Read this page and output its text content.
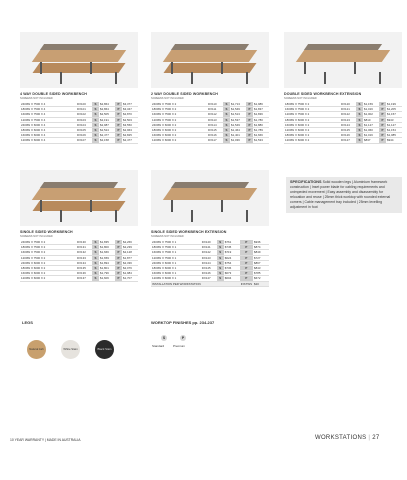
4 WAY DOUBLE SIDED WORKBENCH
SCREENS NOT INCLUDED
2400W X 7500 X 4	DX100	S	$2,864	P	$3,377
1800W X 7500 X 4	DX101	S	$2,864	P	$3,347
1600W X 7500 X 4	DX102	S	$2,505	P	$2,870
1200W X 7500 X 4	DX103	S	$2,191	P	$2,503
2400W X 6000 X 4	DX104	S	$2,987	P	$3,550
1800W X 6000 X 4	DX105	S	$2,524	P	$2,963
1600W X 6000 X 4	DX106	S	$2,477	P	$2,825
1200W X 6000 X 4	DX107	S	$2,158	P	$2,477
2 WAY DOUBLE SIDED WORKBENCH
SCREENS NOT INCLUDED
2400W X 7500 X 2	DX110	S	$1,713	P	$1,986
1800W X 7500 X 2	DX111	S	$1,549	P	$1,837
1600W X 7500 X 2	DX112	S	$1,513	P	$1,836
1200W X 7500 X 2	DX113	S	$1,537	P	$1,780
2400W X 6000 X 2	DX114	S	$1,549	P	$1,880
1800W X 6000 X 2	DX115	S	$1,464	P	$1,789
1600W X 6000 X 2	DX116	S	$1,401	P	$1,666
1200W X 6000 X 2	DX117	S	$1,036	P	$1,533
DOUBLE SIDED WORKBENCH EXTENSION
SCREENS NOT INCLUDED
1800W X 7500 X 2	DX120	S	$1,159	P	$1,199
1600W X 7500 X 2	DX121	S	$1,016	P	$1,205
1200W X 7500 X 2	DX122	S	$1,002	P	$1,157
1800W X 6000 X 2	DX123	S	$810	P	$943
1600W X 6000 X 2	DX124	S	$1,127	P	$1,127
1200W X 6000 X 2	DX125	S	$1,060	P	$1,154
1800W X 6000 X 2	DX126	S	$1,016	P	$1,085
1200W X 6000 X 2	DX127	S	$837	P	$944
SINGLE SIDED WORKBENCH
SCREENS NOT INCLUDED
2400W X 7500 X 2	DX130	S	$1,835	P	$2,266
1800W X 7500 X 2	DX131	S	$1,800	P	$2,239
1600W X 7500 X 2	DX132	S	$1,666	P	$2,128
1200W X 7500 X 2	DX133	S	$1,659	P	$1,877
2400W X 6000 X 2	DX134	S	$1,894	P	$2,336
1800W X 6000 X 2	DX135	S	$1,801	P	$2,076
1600W X 6000 X 2	DX136	S	$1,796	P	$1,984
1200W X 6000 X 2	DX137	S	$1,606	P	$1,707
SINGLE SIDED WORKBENCH EXTENSION
SCREENS NOT INCLUDED
2400W X 7500 X 1	DX140	S	$761	P	$936
1800W X 7500 X 1	DX141	S	$745	P	$874
1600W X 7500 X 1	DX142	S	$719	P	$849
1200W X 7500 X 1	DX143	S	$624	P	$727
2400W X 6000 X 1	DX144	S	$754	P	$867
1800W X 6000 X 1	DX145	S	$736	P	$843
1600W X 6000 X 1	DX146	S	$673	P	$785
1200W X 6000 X 1	DX147	S	$604	P	$672
INSTALLATION PER WORKSTATION				INSTWS	$20
SPECIFICATIONS Solid wooden legs | Aluminium framework construction | Inset power blade for cabling requirements and unimpeded movement | Easy assembly and disassembly for relocation and reuse | 25mm thick worktop with rounded external corners | Cable management tray included | 25mm levelling adjustment in foot
LEGS
Natural Ash	White Stain	Black Stain
WORKTOP FINISHES pp. 234-237
S	P
Standard	Premium
10 YEAR WARRANTY | MADE IN AUSTRALIA	WORKSTATIONS | 27
